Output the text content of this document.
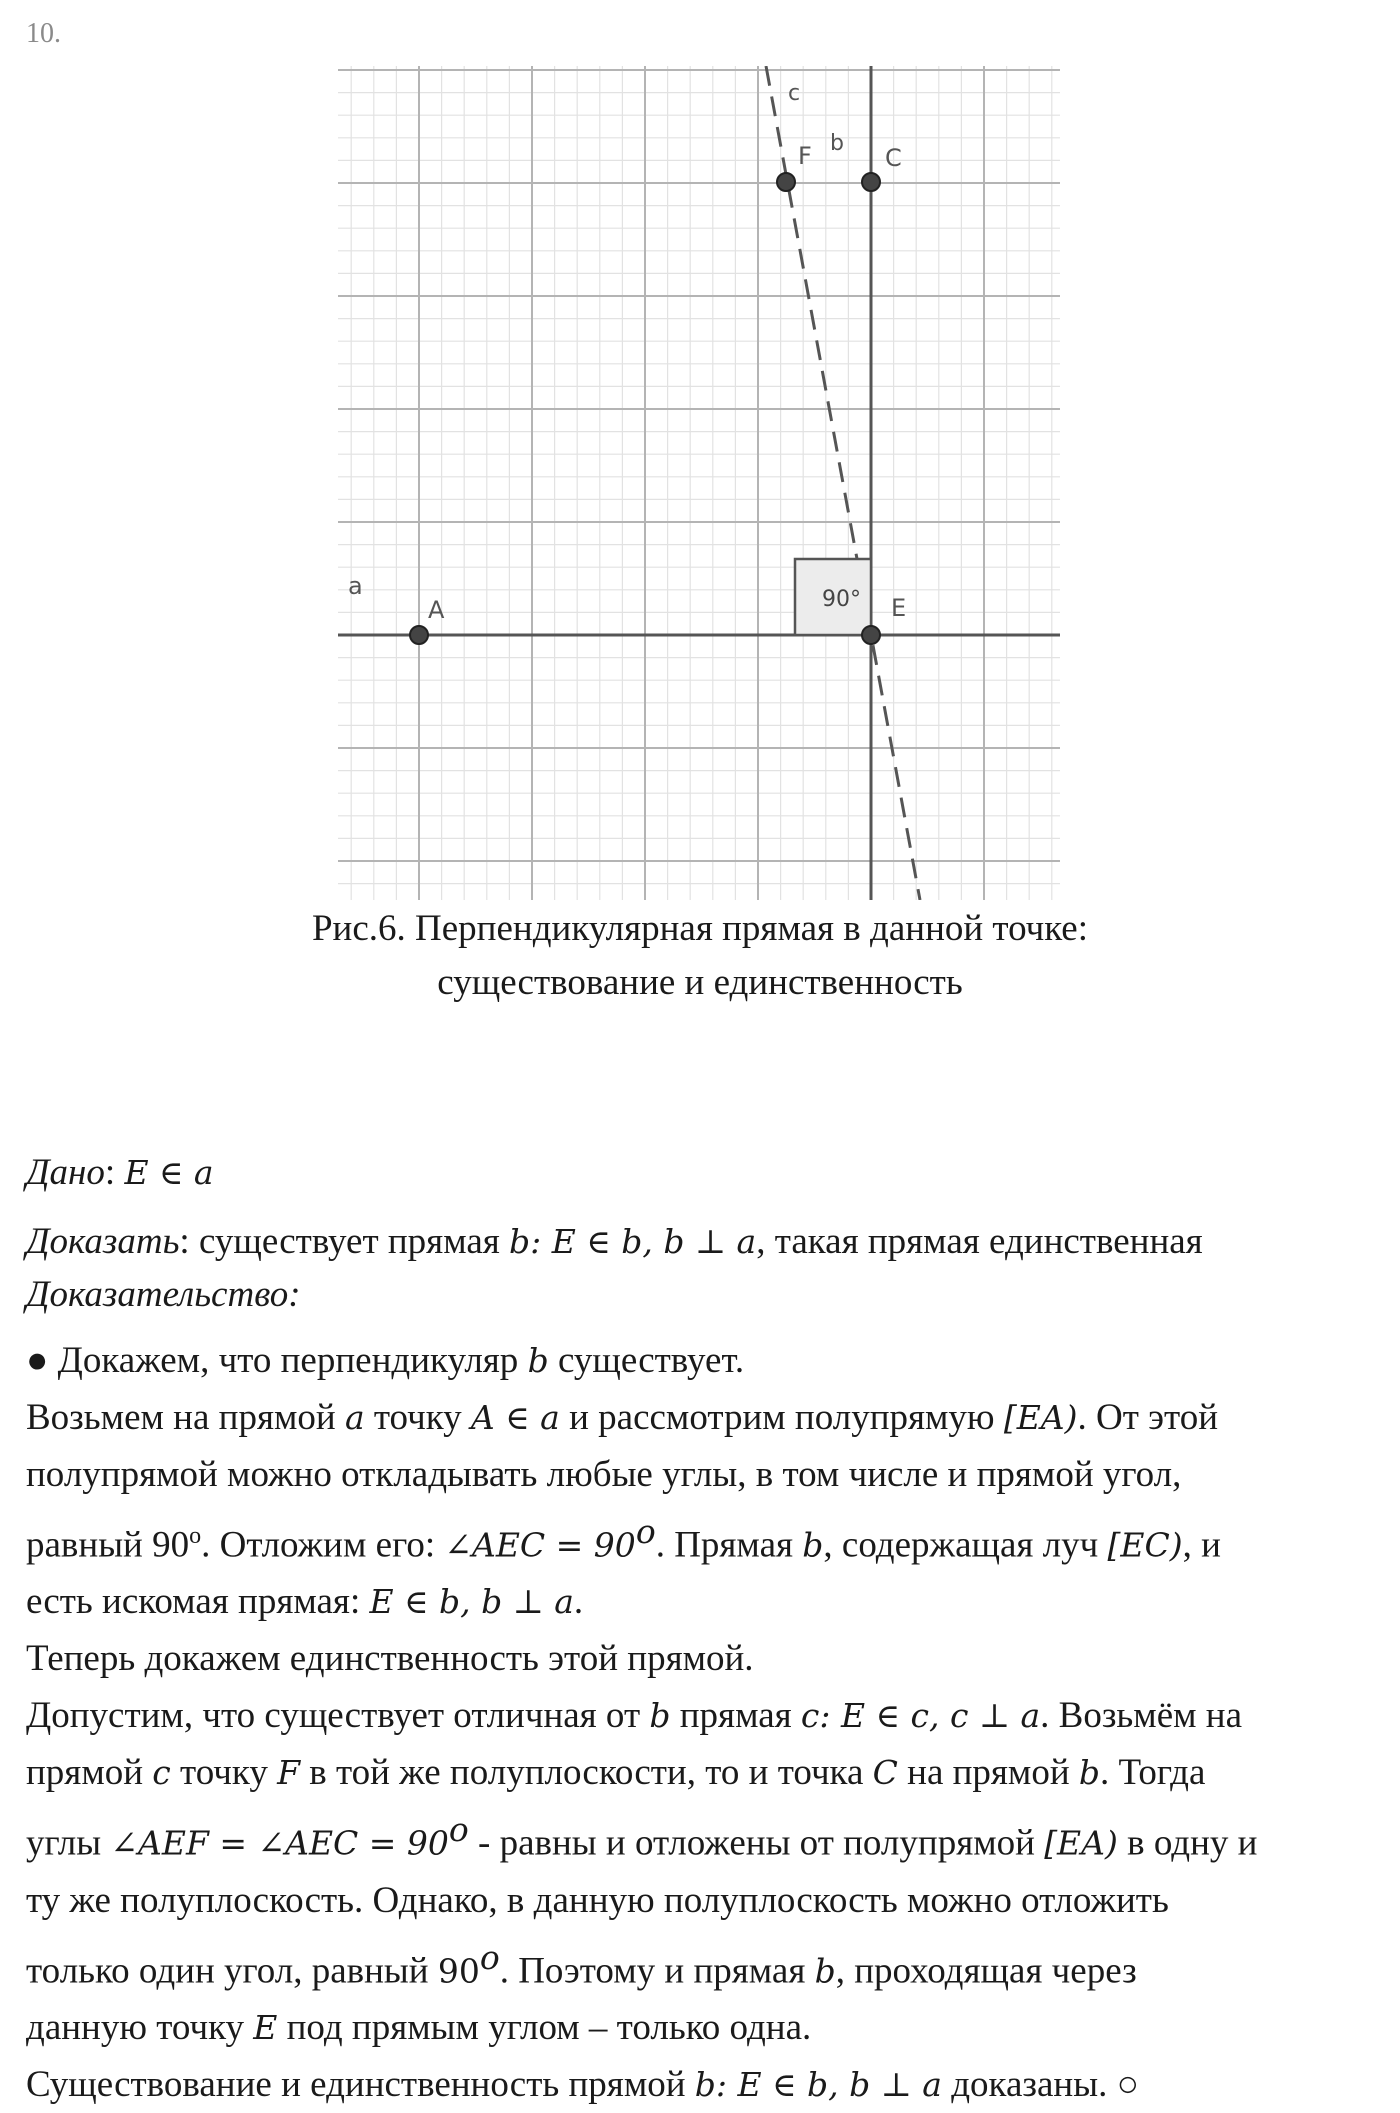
10.
90°
a
A	E
C
F b
c
Рис.6. Перпендикулярная прямая в данной точке:
существование и единственность
Дано: E ∈ a
Доказать: существует прямая b: E ∈ b, b ⊥ a, такая прямая единственная
Доказательство:
● Докажем, что перпендикуляр b существует.
Возьмем на прямой a точку A ∈ a и рассмотрим полупрямую [EA). От этой
полупрямой можно откладывать любые углы, в том числе и прямой угол,
равный 90$^o$. Отложим его: ∠AEC = $90^o$. Прямая b, содержащая луч [EC), и
есть искомая прямая: E ∈ b, b ⊥ a.
Теперь докажем единственность этой прямой.
Допустим, что существует отличная от b прямая c: E ∈ c, c ⊥ a. Возьмём на
прямой c точку F в той же полуплоскости, то и точка C на прямой b. Тогда
углы ∠AEF = ∠AEC = $90^o$ - равны и отложены от полупрямой [EA) в одну и
ту же полуплоскость. Однако, в данную полуплоскость можно отложить
только один угол, равный 90$^o$. Поэтому и прямая b, проходящая через
данную точку E под прямым углом – только одна.
Существование и единственность прямой b: E ∈ b, b ⊥ a доказаны. ○
